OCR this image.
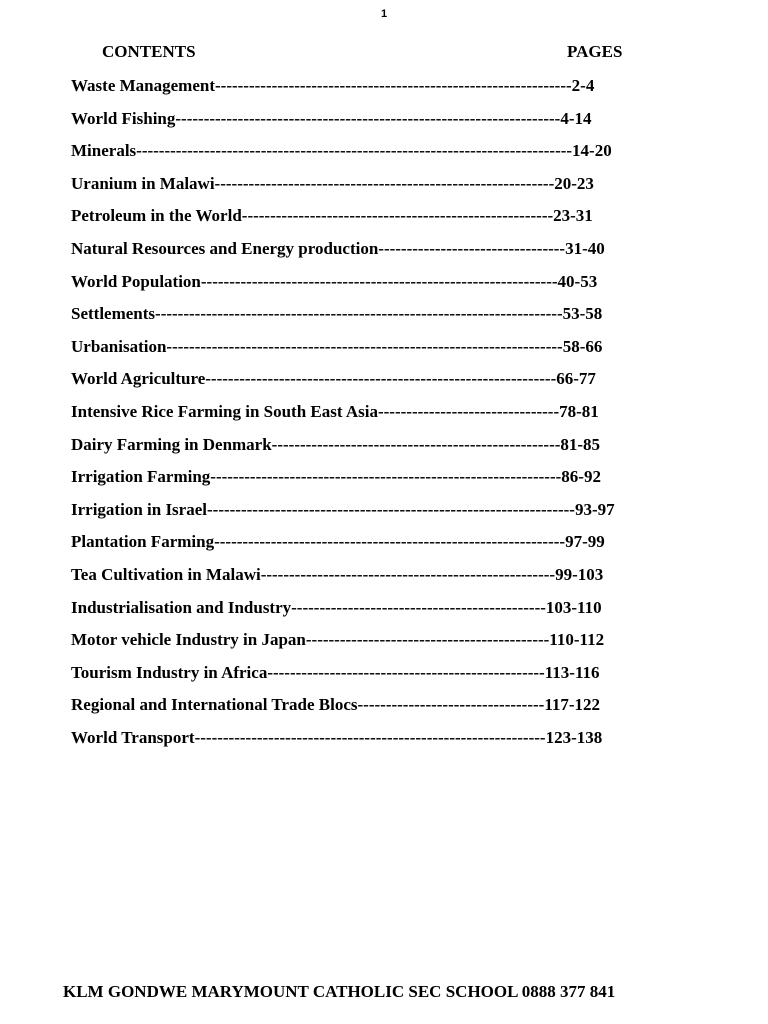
1
CONTENTS	PAGES
Waste Management---------------------------------------------------------------2-4
World Fishing--------------------------------------------------------------------4-14
Minerals-----------------------------------------------------------------------------14-20
Uranium in Malawi------------------------------------------------------------20-23
Petroleum in the World-------------------------------------------------------23-31
Natural Resources and Energy production---------------------------------31-40
World Population---------------------------------------------------------------40-53
Settlements------------------------------------------------------------------------53-58
Urbanisation----------------------------------------------------------------------58-66
World Agriculture--------------------------------------------------------------66-77
Intensive Rice Farming in South East Asia--------------------------------78-81
Dairy Farming in Denmark---------------------------------------------------81-85
Irrigation Farming--------------------------------------------------------------86-92
Irrigation in Israel-----------------------------------------------------------------93-97
Plantation Farming--------------------------------------------------------------97-99
Tea Cultivation in Malawi----------------------------------------------------99-103
Industrialisation and Industry---------------------------------------------103-110
Motor vehicle Industry in Japan-------------------------------------------110-112
Tourism Industry in Africa-------------------------------------------------113-116
Regional and International Trade Blocs---------------------------------117-122
World Transport--------------------------------------------------------------123-138
KLM GONDWE MARYMOUNT CATHOLIC SEC SCHOOL 0888 377 841
